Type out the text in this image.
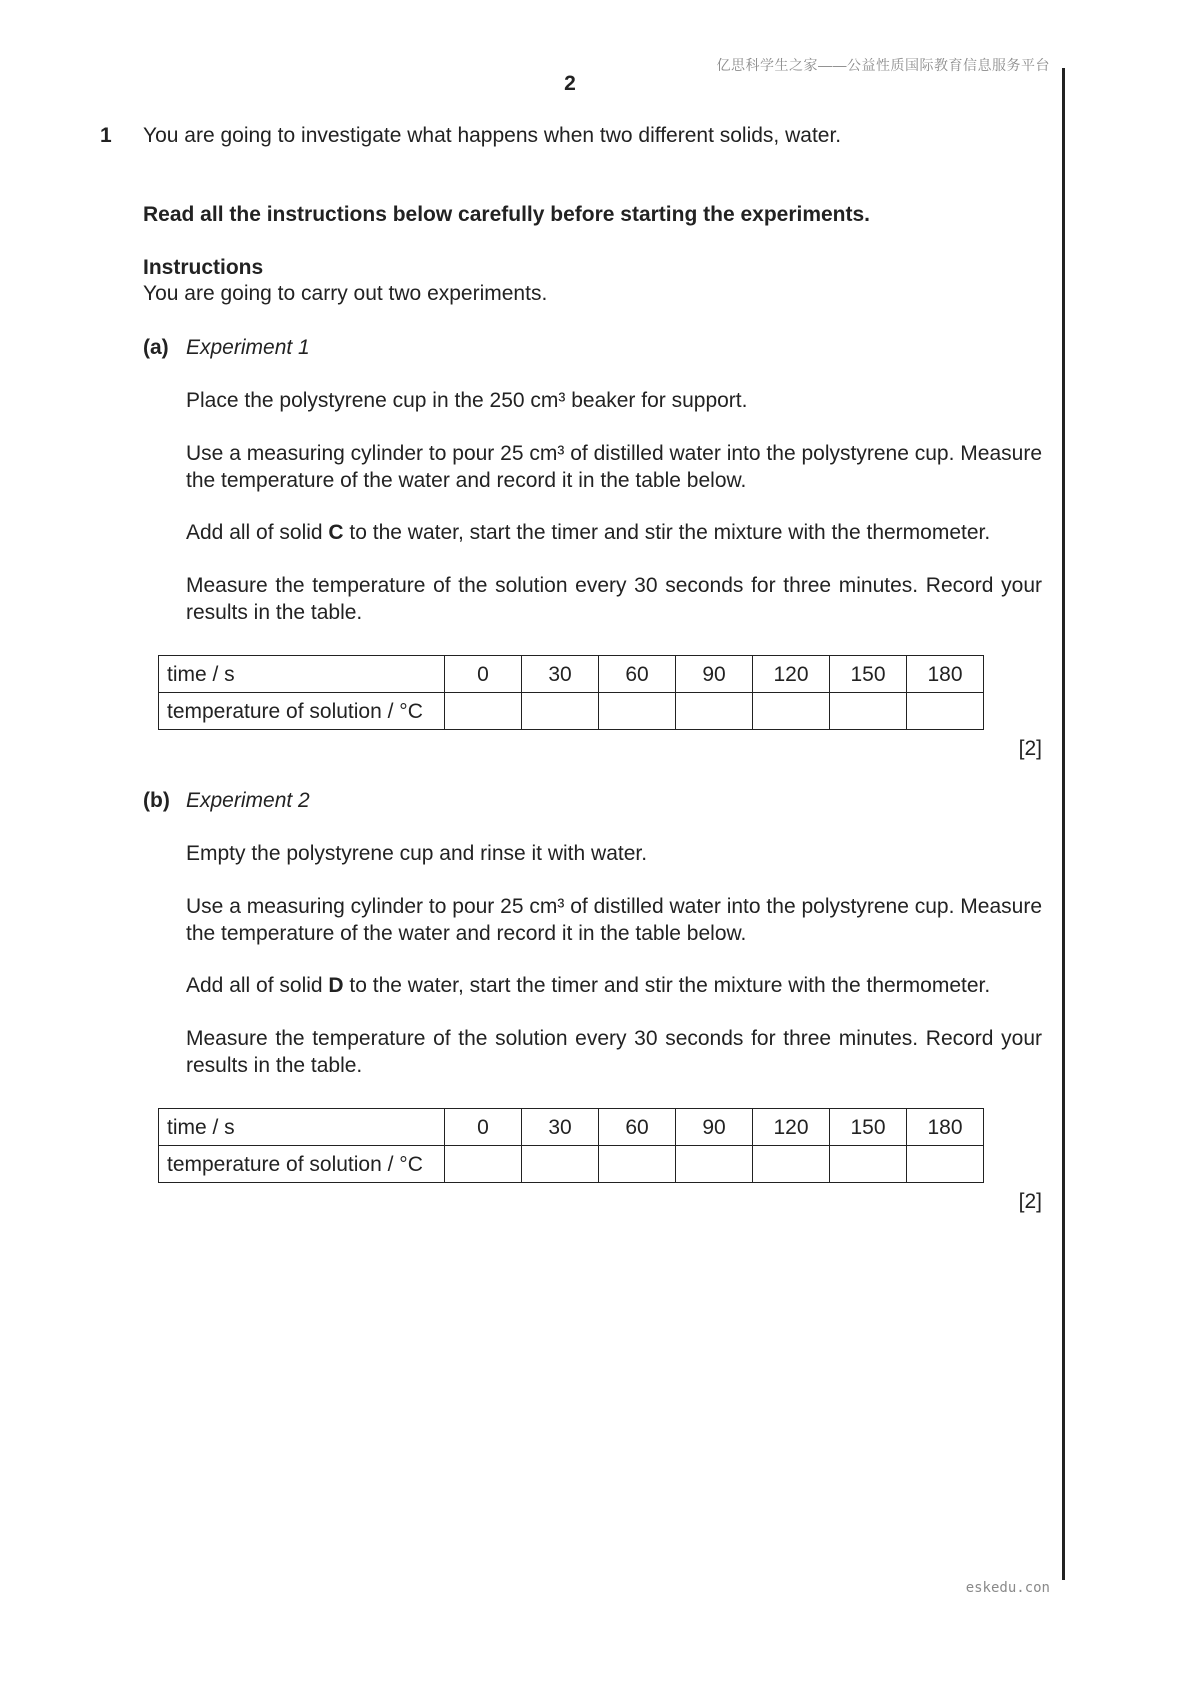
亿思科学生之家——公益性质国际教育信息服务平台
2
1 You are going to investigate what happens when two different solids, water.
Read all the instructions below carefully before starting the experiments.
Instructions
You are going to carry out two experiments.
(a) Experiment 1
Place the polystyrene cup in the 250 cm³ beaker for support.
Use a measuring cylinder to pour 25 cm³ of distilled water into the polystyrene cup. Measure the temperature of the water and record it in the table below.
Add all of solid C to the water, start the timer and stir the mixture with the thermometer.
Measure the temperature of the solution every 30 seconds for three minutes. Record your results in the table.
time / s	0	30	60	90	120	150	180
temperature of solution / °C							
[2]
(b) Experiment 2
Empty the polystyrene cup and rinse it with water.
Use a measuring cylinder to pour 25 cm³ of distilled water into the polystyrene cup. Measure the temperature of the water and record it in the table below.
Add all of solid D to the water, start the timer and stir the mixture with the thermometer.
Measure the temperature of the solution every 30 seconds for three minutes. Record your results in the table.
time / s	0	30	60	90	120	150	180
temperature of solution / °C							
[2]
eskedu.con
